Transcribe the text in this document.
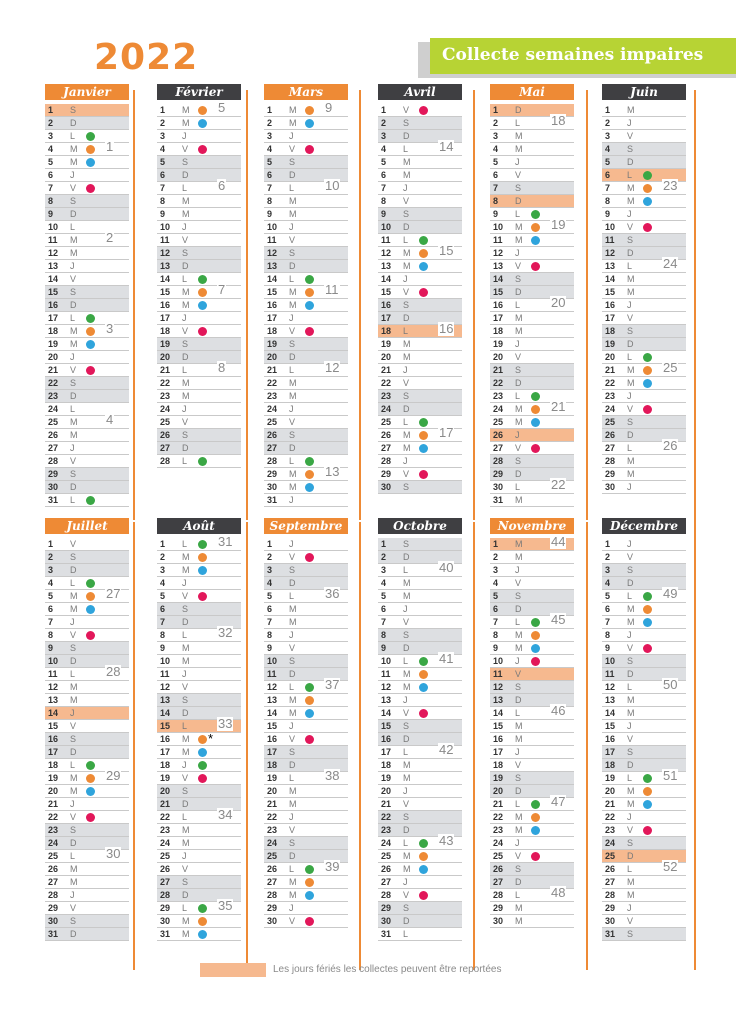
2022	Collecte semaines impaires
Janvier
1 S
2 D
3 L
4 M 1
5 M
6 J
7 V
8 S
9 D
10 L
11 M 2
12 M
13 J
14 V
15 S
16 D
17 L
18 M 3
19 M
20 J
21 V
22 S
23 D
24 L
25 M 4
26 M
27 J
28 V
29 S
30 D
31 L
Février
1 M 5
2 M
3 J
4 V
5 S
6 D
7 L 6
8 M
9 M
10 J
11 V
12 S
13 D
14 L
15 M 7
16 M
17 J
18 V
19 S
20 D
21 L 8
22 M
23 M
24 J
25 V
26 S
27 D
28 L
Mars
1 M 9
2 M
3 J
4 V
5 S
6 D
7 L 10
8 M
9 M
10 J
11 V
12 S
13 D
14 L
15 M 11
16 M
17 J
18 V
19 S
20 D
21 L 12
22 M
23 M
24 J
25 V
26 S
27 D
28 L
29 M 13
30 M
31 J
Avril
1 V
2 S
3 D
4 L 14
5 M
6 M
7 J
8 V
9 S
10 D
11 L
12 M 15
13 M
14 J
15 V
16 S
17 D
18 L 16
19 M
20 M
21 J
22 V
23 S
24 D
25 L
26 M 17
27 M
28 J
29 V
30 S
Mai
1 D
2 L 18
3 M
4 M
5 J
6 V
7 S
8 D
9 L
10 M 19
11 M
12 J
13 V
14 S
15 D
16 L 20
17 M
18 M
19 J
20 V
21 S
22 D
23 L
24 M 21
25 M
26 J
27 V
28 S
29 D
30 L 22
31 M
Juin
1 M
2 J
3 V
4 S
5 D
6 L
7 M 23
8 M
9 J
10 V
11 S
12 D
13 L 24
14 M
15 M
16 J
17 V
18 S
19 D
20 L
21 M 25
22 M
23 J
24 V
25 S
26 D
27 L 26
28 M
29 M
30 J
Juillet
1 V
2 S
3 D
4 L
5 M 27
6 M
7 J
8 V
9 S
10 D
11 L 28
12 M
13 M
14 J
15 V
16 S
17 D
18 L
19 M 29
20 M
21 J
22 V
23 S
24 D
25 L 30
26 M
27 M
28 J
29 V
30 S
31 D
Août
1 L 31
2 M
3 M
4 J
5 V
6 S
7 D
8 L 32
9 M
10 M
11 J
12 V
13 S
14 D
15 L 33
16 M *
17 M
18 J
19 V
20 S
21 D
22 L 34
23 M
24 M
25 J
26 V
27 S
28 D
29 L 35
30 M
31 M
Septembre
1 J
2 V
3 S
4 D
5 L 36
6 M
7 M
8 J
9 V
10 S
11 D
12 L 37
13 M
14 M
15 J
16 V
17 S
18 D
19 L 38
20 M
21 M
22 J
23 V
24 S
25 D
26 L 39
27 M
28 M
29 J
30 V
Octobre
1 S
2 D
3 L 40
4 M
5 M
6 J
7 V
8 S
9 D
10 L 41
11 M
12 M
13 J
14 V
15 S
16 D
17 L 42
18 M
19 M
20 J
21 V
22 S
23 D
24 L 43
25 M
26 M
27 J
28 V
29 S
30 D
31 L
Novembre
1 M 44
2 M
3 J
4 V
5 S
6 D
7 L 45
8 M
9 M
10 J
11 V
12 S
13 D
14 L 46
15 M
16 M
17 J
18 V
19 S
20 D
21 L 47
22 M
23 M
24 J
25 V
26 S
27 D
28 L 48
29 M
30 M
Décembre
1 J
2 V
3 S
4 D
5 L 49
6 M
7 M
8 J
9 V
10 S
11 D
12 L 50
13 M
14 M
15 J
16 V
17 S
18 D
19 L 51
20 M
21 M
22 J
23 V
24 S
25 D
26 L 52
27 M
28 M
29 J
30 V
31 S
Les jours fériés les collectes peuvent être reportées
